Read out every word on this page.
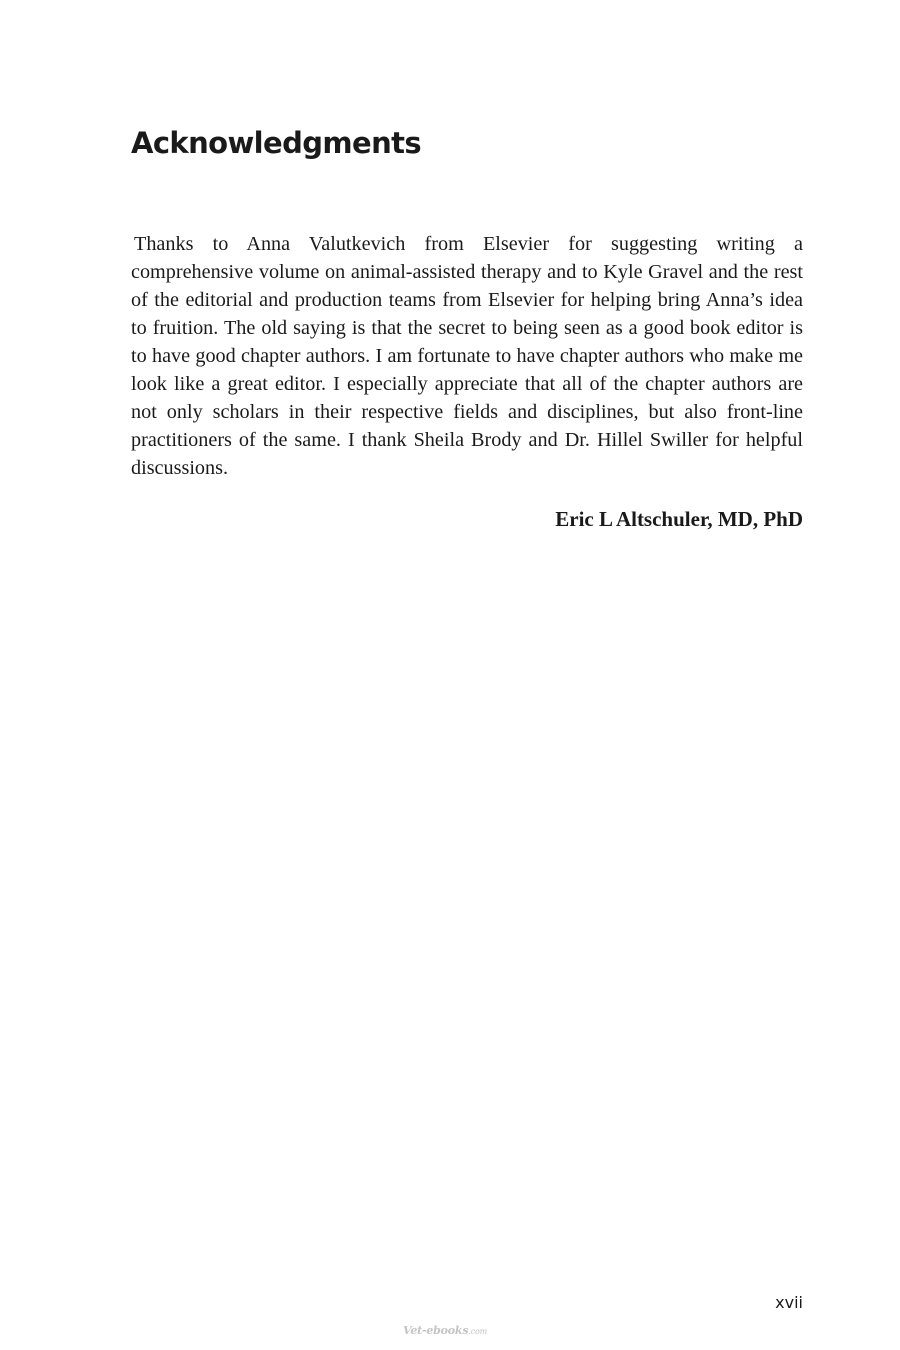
Acknowledgments

Thanks to Anna Valutkevich from Elsevier for suggesting writing a comprehensive volume on animal-assisted therapy and to Kyle Gravel and the rest of the editorial and production teams from Elsevier for helping bring Anna’s idea to fruition. The old saying is that the secret to being seen as a good book editor is to have good chapter authors. I am fortunate to have chapter authors who make me look like a great editor. I especially appreciate that all of the chapter authors are not only scholars in their respective fields and disciplines, but also front-line practitioners of the same. I thank Sheila Brody and Dr. Hillel Swiller for helpful discussions.

Eric L Altschuler, MD, PhD

xvii

Vet-ebooks.com
